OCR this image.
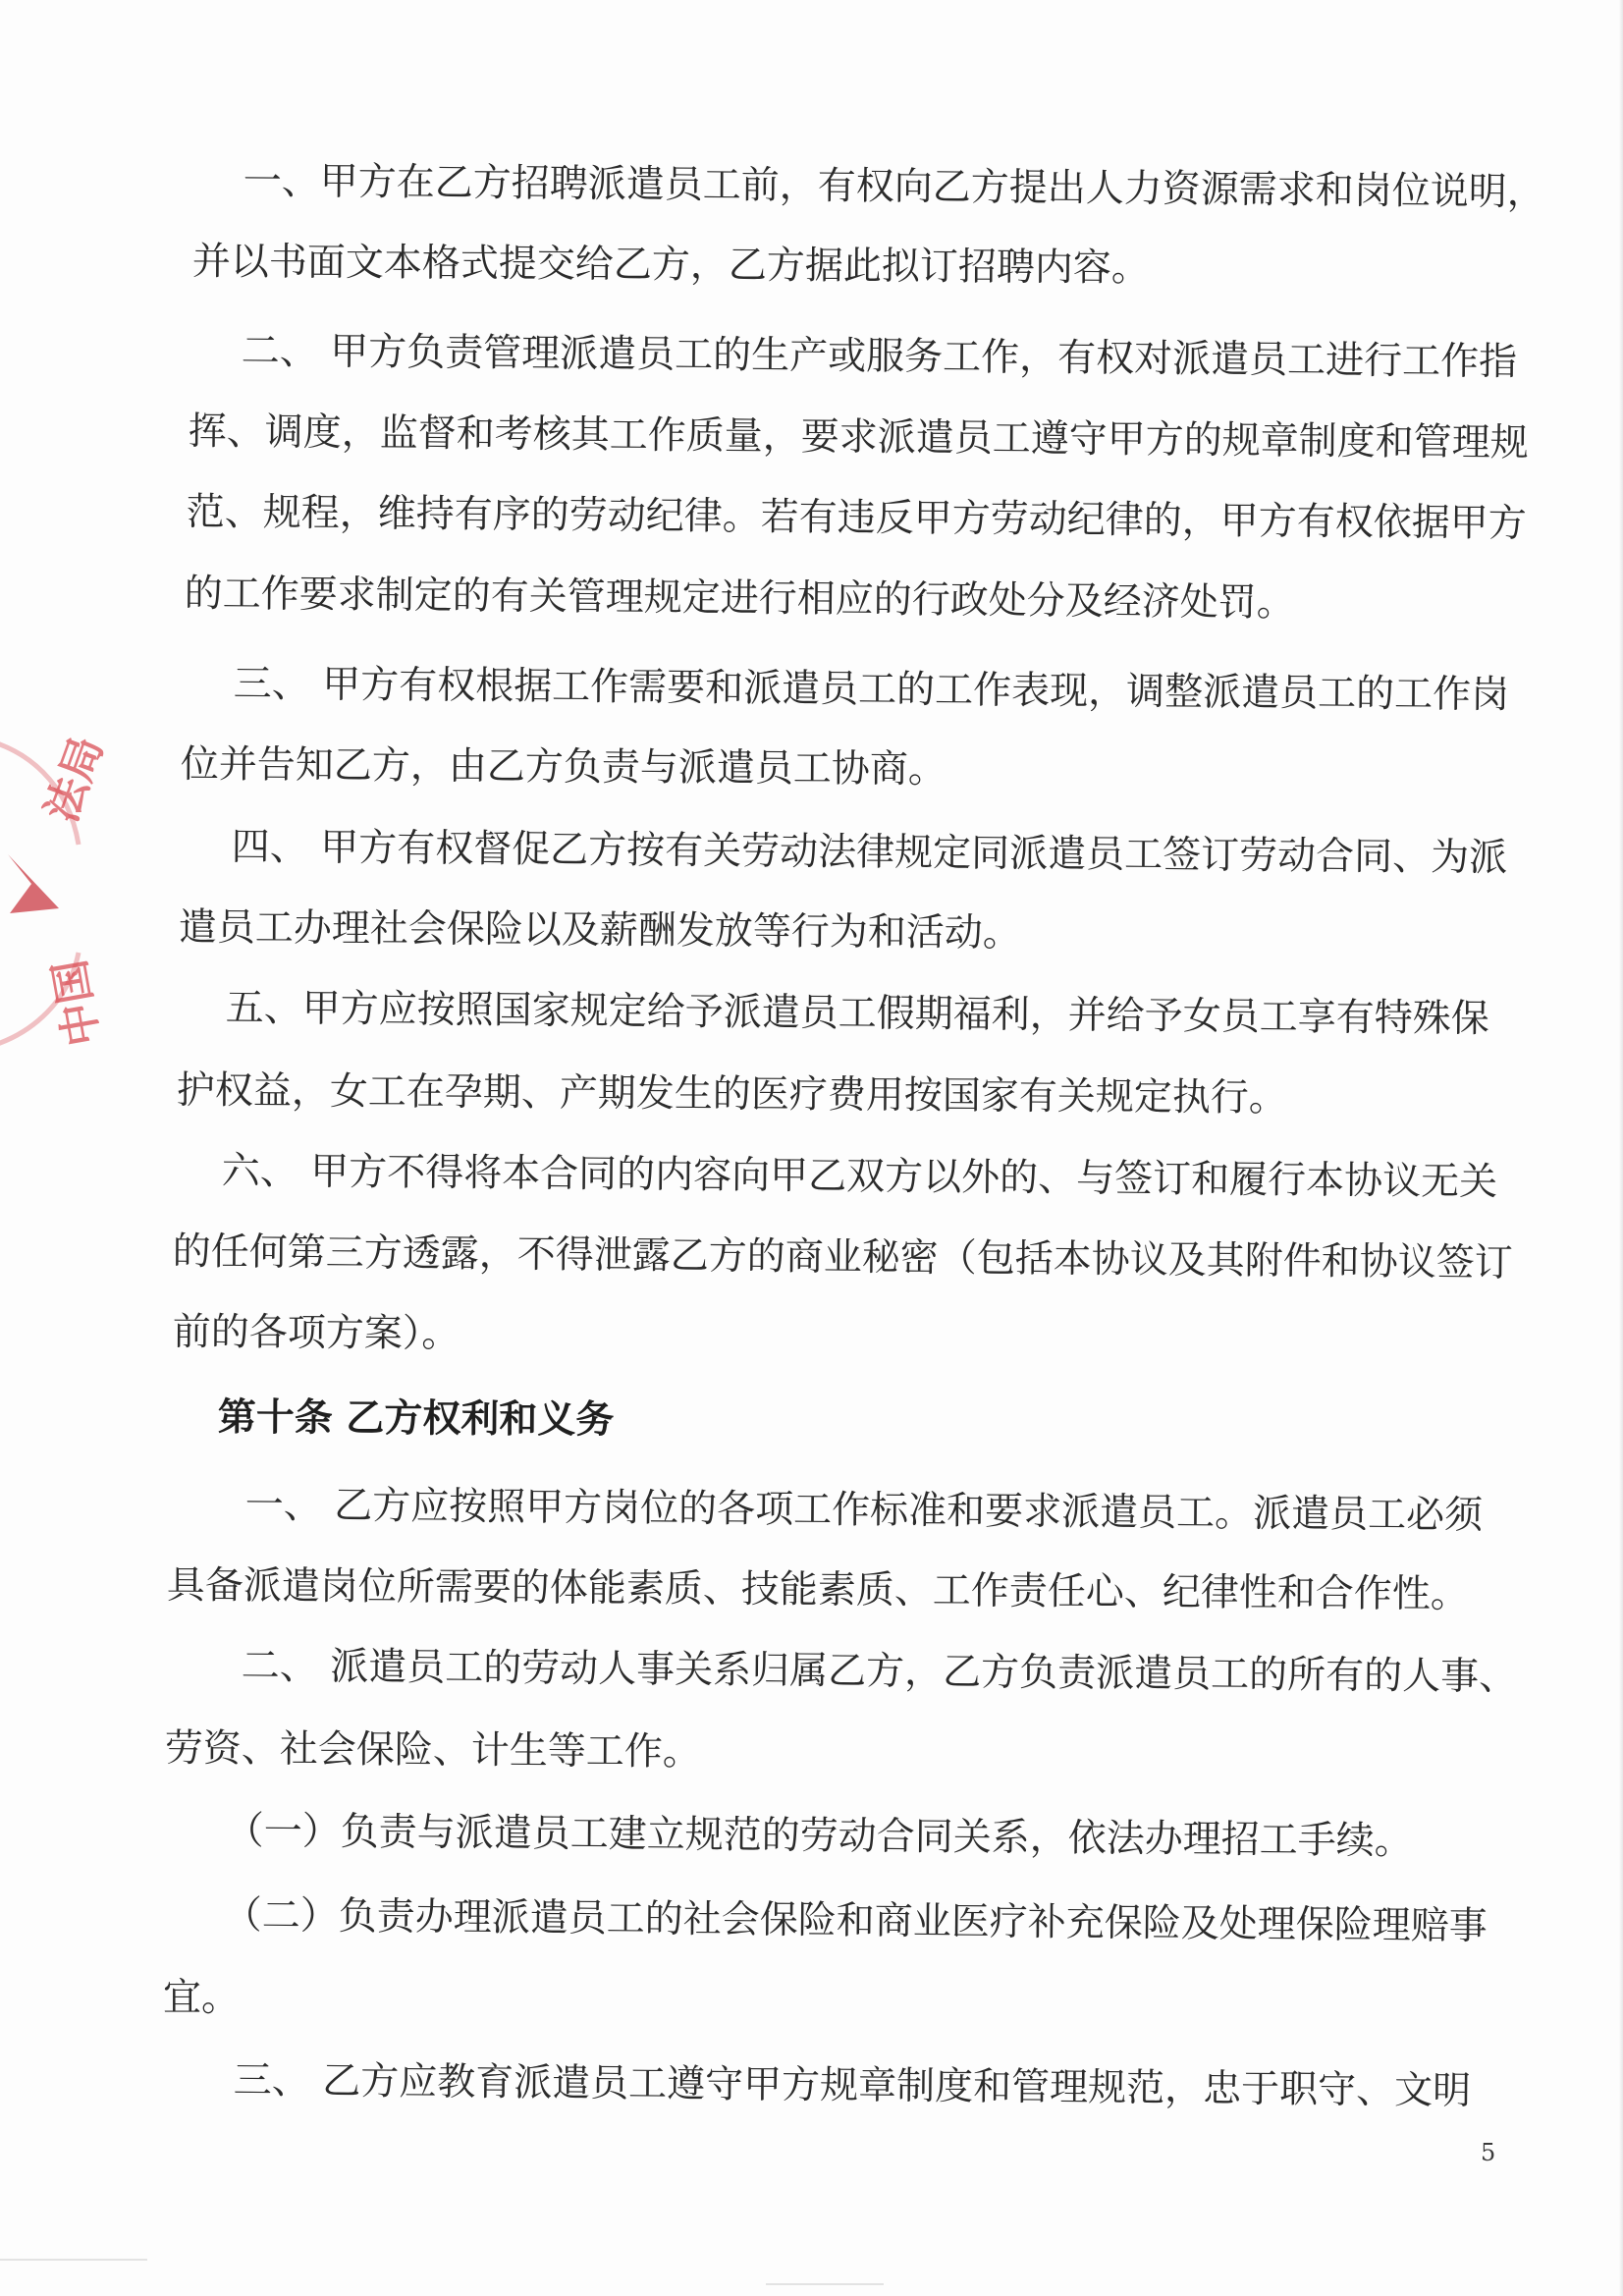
一、甲方在乙方招聘派遣员工前，有权向乙方提出人力资源需求和岗位说明，
并以书面文本格式提交给乙方，乙方据此拟订招聘内容。
二、 甲方负责管理派遣员工的生产或服务工作，有权对派遣员工进行工作指
挥、调度，监督和考核其工作质量，要求派遣员工遵守甲方的规章制度和管理规
范、规程，维持有序的劳动纪律。若有违反甲方劳动纪律的，甲方有权依据甲方
的工作要求制定的有关管理规定进行相应的行政处分及经济处罚。
三、 甲方有权根据工作需要和派遣员工的工作表现，调整派遣员工的工作岗
位并告知乙方，由乙方负责与派遣员工协商。
四、 甲方有权督促乙方按有关劳动法律规定同派遣员工签订劳动合同、为派
遣员工办理社会保险以及薪酬发放等行为和活动。
五、甲方应按照国家规定给予派遣员工假期福利，并给予女员工享有特殊保
护权益，女工在孕期、产期发生的医疗费用按国家有关规定执行。
六、 甲方不得将本合同的内容向甲乙双方以外的、与签订和履行本协议无关
的任何第三方透露，不得泄露乙方的商业秘密（包括本协议及其附件和协议签订
前的各项方案）。
第十条 乙方权利和义务
一、 乙方应按照甲方岗位的各项工作标准和要求派遣员工。派遣员工必须
具备派遣岗位所需要的体能素质、技能素质、工作责任心、纪律性和合作性。
二、 派遣员工的劳动人事关系归属乙方，乙方负责派遣员工的所有的人事、
劳资、社会保险、计生等工作。
（一）负责与派遣员工建立规范的劳动合同关系，依法办理招工手续。
（二）负责办理派遣员工的社会保险和商业医疗补充保险及处理保险理赔事
宜。
三、 乙方应教育派遣员工遵守甲方规章制度和管理规范，忠于职守、文明
5
法局
中国
